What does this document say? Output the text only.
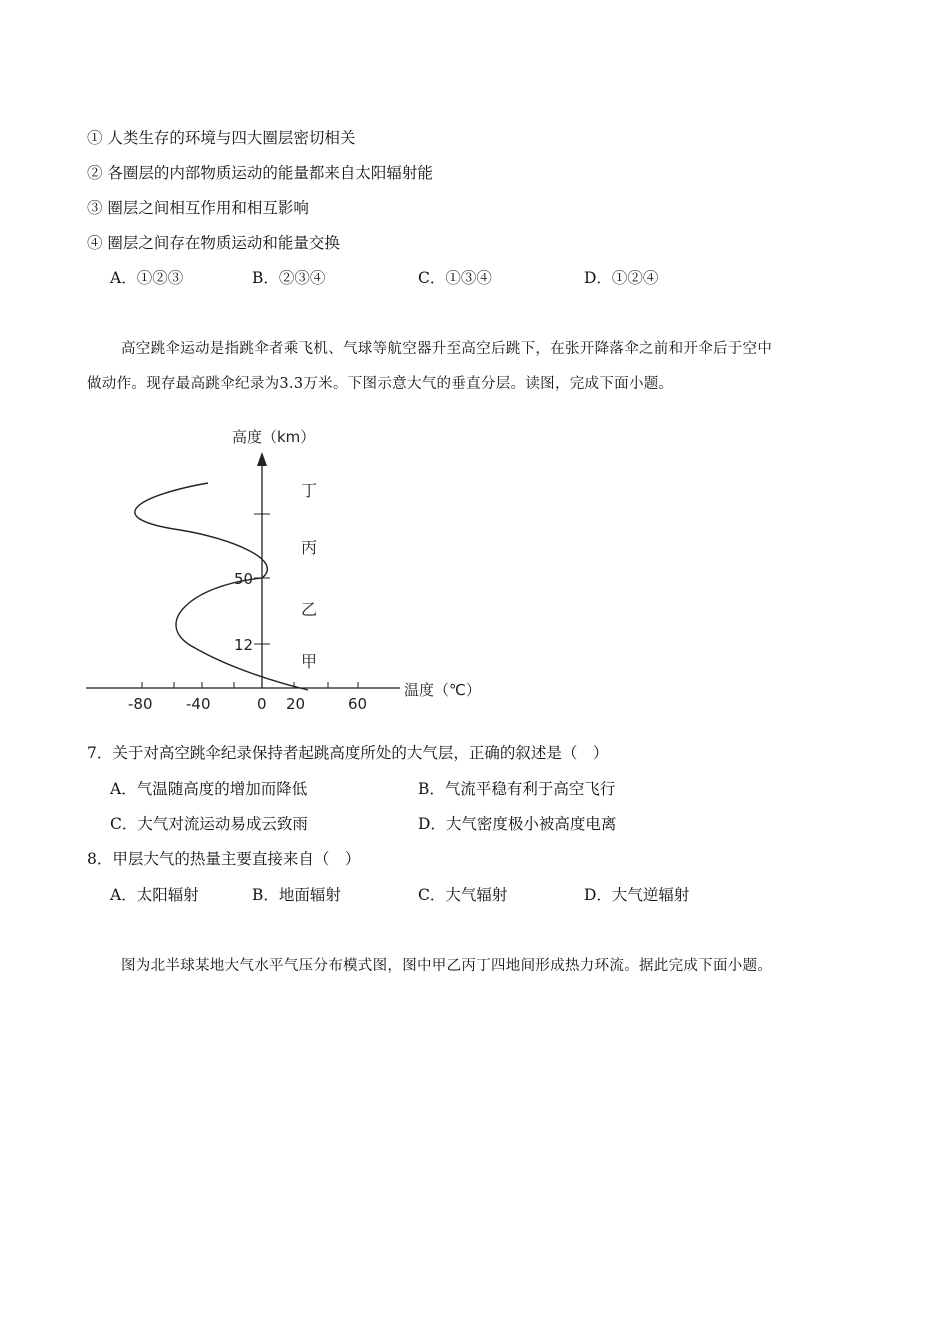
① 人类生存的环境与四大圈层密切相关
② 各圈层的内部物质运动的能量都来自太阳辐射能
③ 圈层之间相互作用和相互影响
④ 圈层之间存在物质运动和能量交换
A．①②③	B．②③④	C．①③④	D．①②④
高空跳伞运动是指跳伞者乘飞机、气球等航空器升至高空后跳下，在张开降落伞之前和开伞后于空中
做动作。现存最高跳伞纪录为3.3万米。下图示意大气的垂直分层。读图，完成下面小题。
高度（km）
温度（℃）
-80 -40	0 20	60
12
50
甲
乙
丙
丁
7．关于对高空跳伞纪录保持者起跳高度所处的大气层，正确的叙述是（　）
A．气温随高度的增加而降低	B．气流平稳有利于高空飞行
C．大气对流运动易成云致雨	D．大气密度极小被高度电离
8．甲层大气的热量主要直接来自（　）
A．太阳辐射	B．地面辐射	C．大气辐射	D．大气逆辐射
图为北半球某地大气水平气压分布模式图，图中甲乙丙丁四地间形成热力环流。据此完成下面小题。
